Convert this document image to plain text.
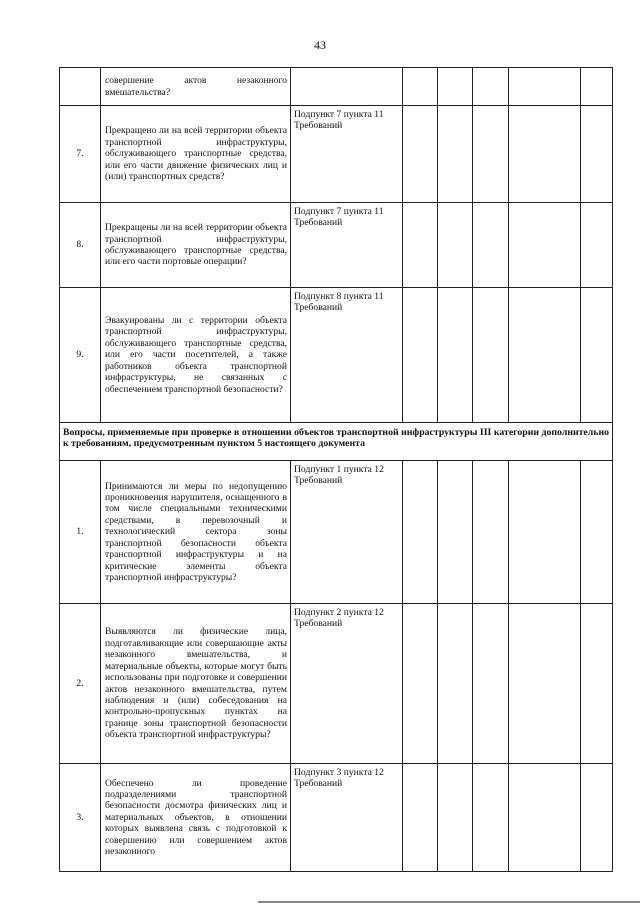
43
	совершение актов незаконного вмешательства?						
7.	Прекращено ли на всей территории объекта транспортной инфраструктуры, обслуживающего транспортные средства, или его части движение физических лиц и (или) транспортных средств?	Подпункт 7 пункта 11 Требований					
8.	Прекращены ли на всей территории объекта транспортной инфраструктуры, обслуживающего транспортные средства, или его части портовые операции?	Подпункт 7 пункта 11 Требований					
9.	Эвакуированы ли с территории объекта транспортной инфраструктуры, обслуживающего транспортные средства, или его части посетителей, а также работников объекта транспортной инфраструктуры, не связанных с обеспечением транспортной безопасности?	Подпункт 8 пункта 11 Требований					
Вопросы, применяемые при проверке в отношении объектов транспортной инфраструктуры III категории дополнительно к требованиям, предусмотренным пунктом 5 настоящего документа							
1.	Принимаются ли меры по недопущению проникновения нарушителя, оснащенного в том числе специальными техническими средствами, в перевозочный и технологический сектора зоны транспортной безопасности объекта транспортной инфраструктуры и на критические элементы объекта транспортной инфраструктуры?	Подпункт 1 пункта 12 Требований					
2.	Выявляются ли физические лица, подготавливающие или совершающие акты незаконного вмешательства, и материальные объекты, которые могут быть использованы при подготовке и совершении актов незаконного вмешательства, путем наблюдения и (или) собеседования на контрольно-пропускных пунктах на границе зоны транспортной безопасности объекта транспортной инфраструктуры?	Подпункт 2 пункта 12 Требований					
3.	Обеспечено ли проведение подразделениями транспортной безопасности досмотра физических лиц и материальных объектов, в отношении которых выявлена связь с подготовкой к совершению или совершением актов незаконного	Подпункт 3 пункта 12 Требований					
